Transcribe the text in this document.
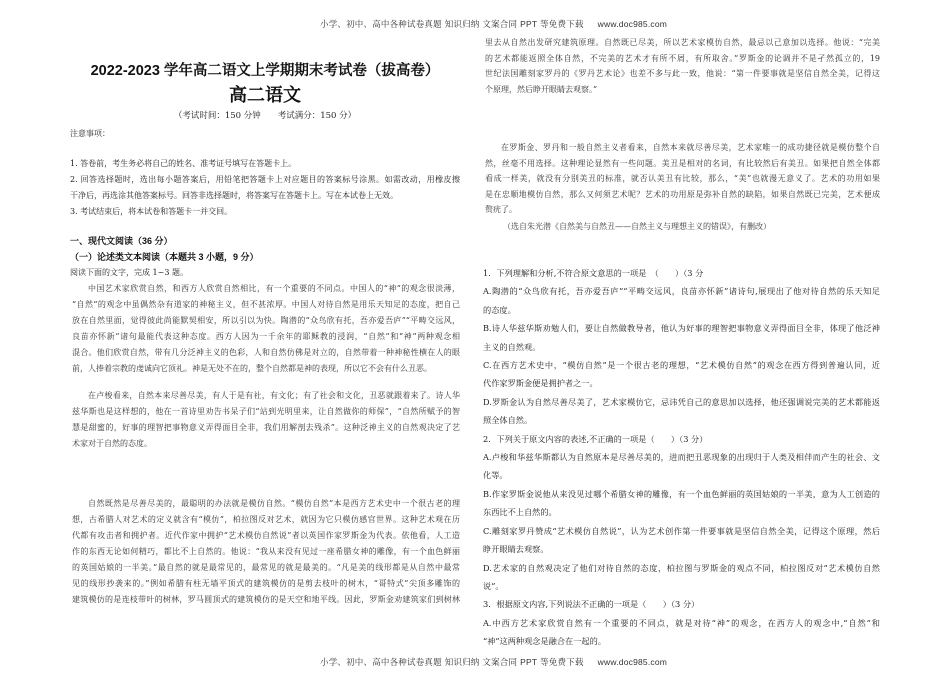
小学、初中、高中各种试卷真题 知识归纳 文案合同 PPT 等免费下载 www.doc985.com
2022-2023 学年高二语文上学期期末考试卷（拔高卷）
高二语文
（考试时间：150 分钟　　考试满分：150 分）
注意事项：
1. 答卷前，考生务必将自己的姓名、准考证号填写在答题卡上。
2. 回答选择题时，选出每小题答案后，用铅笔把答题卡上对应题目的答案标号涂黑。如需改动，用橡皮擦
干净后，再选涂其他答案标号。回答非选择题时，将答案写在答题卡上。写在本试卷上无效。
3. 考试结束后，将本试卷和答题卡一并交回。
一、现代文阅读（36 分）
（一）论述类文本阅读（本题共 3 小题，9 分）
阅读下面的文字，完成 1~3 题。
中国艺术家欣赏自然，和西方人欣赏自然相比，有一个重要的不同点。中国人的“神”的观念很淡薄，
“自然”的观念中虽偶然杂有道家的神秘主义，但不甚浓厚。中国人对待自然是用乐天知足的态度，把自己
放在自然里面，觉得彼此尚能默契相安，所以引以为快。陶潜的“众鸟欣有托，吾亦爱吾庐”“平畴交远风，
良苗亦怀新”诸句最能代表这种态度。西方人因为一千余年的耶稣教的浸润，“自然”和“神”两种观念相
混合。他们欣赏自然，带有几分泛神主义的色彩，人和自然仿佛是对立的，自然带着一种神秘性横在人的眼
前，人捧着宗教的虔诚向它顶礼。神是无处不在的，整个自然都是神的表现，所以它不会有什么丑恶。
在卢梭看来，自然本来尽善尽美，有人于是有社，有文化；有了社会和文化，丑恶就跟着来了。诗人华
兹华斯也是这样想的，他在一首诗里劝告书呆子们“站到光明里来，让自然做你的师保”，“自然所赋予的智
慧是甜蜜的，好事的理智把事物意义弄得面目全非，我们用解剖去残杀”。这种泛神主义的自然观决定了艺
术家对于自然的态度。
自然既然是尽善尽美的，最聪明的办法就是模仿自然。“模仿自然”本是西方艺术史中一个很古老的理
想，古希腊人对艺术的定义就含有“模仿”，柏拉图反对艺术，就因为它只模仿感官世界。这种艺术观在历
代都有攻击者和拥护者。近代作家中拥护“艺术模仿自然说”者以英国作家罗斯金为代表。依他看，人工造
作的东西无论如何精巧，都比不上自然的。他说：“我从来没有见过一座希腊女神的雕像，有一个血色鲜丽
的英国姑娘的一半美。”最自然的就是最常见的，最常见的就是最美的。“凡是美的线形都是从自然中最常
见的线形抄袭来的。”例如希腊有柱无墙平顶式的建筑模仿的是剪去枝叶的树木，“哥特式”尖顶多雕饰的
建筑模仿的是连枝带叶的树林，罗马圆顶式的建筑模仿的是天空和地平线。因此，罗斯金劝建筑家们到树林
里去从自然出发研究建筑原理。自然既已尽美，所以艺术家模仿自然，最忌以己意加以选择。他说：“完美
的艺术都能返照全体自然，不完美的艺术才有所不屑，有所取舍。”罗斯金的论调并不是孑然孤立的，19
世纪法国雕刻家罗丹的《罗丹艺术论》也差不多与此一致，他说：“第一件要事就是坚信自然全美，记得这
个原理，然后睁开眼睛去观察。”
在罗斯金、罗丹和一般自然主义者看来，自然本来就尽善尽美，艺术家唯一的成功捷径就是模仿整个自
然，丝毫不用选择。这种理论显然有一些问题。美丑是相对的名词，有比较然后有美丑。如果把自然全体都
看成一样美，就没有分别美丑的标准，就否认美丑有比较，那么，“美”也就漫无意义了。艺术的功用如果
是在忠顺地模仿自然，那么又何须艺术呢？艺术的功用原是弥补自然的缺陷，如果自然既已完美，艺术便成
赘疣了。
（选自朱光潜《自然美与自然丑——自然主义与理想主义的错误》，有删改）
1．下列理解和分析,不符合原文意思的一项是　（　　）（3 分
A.陶潜的“众鸟欣有托，吾亦爱吾庐”“平畴交远风，良苗亦怀新”诸诗句,展现出了他对待自然的乐天知足
的态度。
B.诗人华兹华斯劝勉人们，要让自然做教导者，他认为好事的理智把事物意义弄得面目全非，体现了他泛神
主义的自然观。
C.在西方艺术史中，“模仿自然”是一个很古老的理想，“艺术模仿自然”的观念在西方得到普遍认同，近
代作家罗斯金便是拥护者之一。
D.罗斯金认为自然尽善尽美了，艺术家模仿它，忌讳凭自己的意思加以选择，他还强调说完美的艺术都能返
照全体自然。
2．下列关于原文内容的表述,不正确的一项是（　　）（3 分）
A.卢梭和华兹华斯都认为自然原本是尽善尽美的，进而把丑恶现象的出现归于人类及相伴而产生的社会、文
化等。
B.作家罗斯金说他从来没见过哪个希腊女神的雕像，有一个血色鲜丽的英国姑娘的一半美，意为人工创造的
东西比不上自然的。
C.雕刻家罗丹赞成“艺术模仿自然说”，认为艺术创作第一件要事就是坚信自然全美，记得这个原理，然后
睁开眼睛去观察。
D.艺术家的自然观决定了他们对待自然的态度，柏拉图与罗斯金的观点不同，柏拉图反对“艺术模仿自然
说”。
3．根据原文内容,下列说法不正确的一项是（　　）（3 分）
A.中西方艺术家欣赏自然有一个重要的不同点，就是对待“神”的观念，在西方人的观念中,“自然”和
“神”这两种观念是融合在一起的。
小学、初中、高中各种试卷真题 知识归纳 文案合同 PPT 等免费下载 www.doc985.com
